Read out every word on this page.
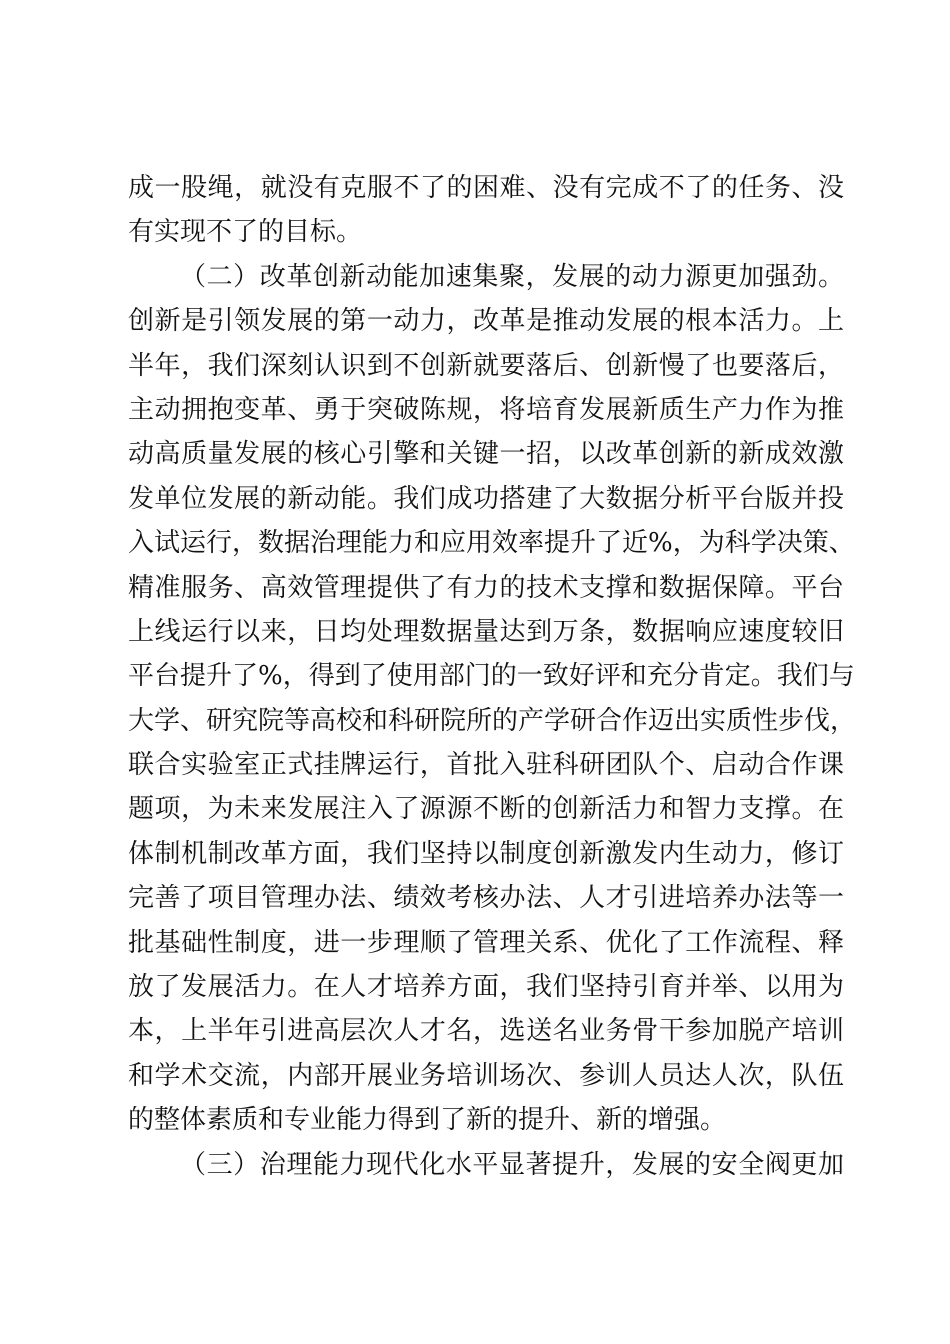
成一股绳，就没有克服不了的困难、没有完成不了的任务、没
有实现不了的目标。
（二）改革创新动能加速集聚，发展的动力源更加强劲。
创新是引领发展的第一动力，改革是推动发展的根本活力。上
半年，我们深刻认识到不创新就要落后、创新慢了也要落后，
主动拥抱变革、勇于突破陈规，将培育发展新质生产力作为推
动高质量发展的核心引擎和关键一招，以改革创新的新成效激
发单位发展的新动能。我们成功搭建了大数据分析平台版并投
入试运行，数据治理能力和应用效率提升了近%，为科学决策、
精准服务、高效管理提供了有力的技术支撑和数据保障。平台
上线运行以来，日均处理数据量达到万条，数据响应速度较旧
平台提升了%，得到了使用部门的一致好评和充分肯定。我们与
大学、研究院等高校和科研院所的产学研合作迈出实质性步伐，
联合实验室正式挂牌运行，首批入驻科研团队个、启动合作课
题项，为未来发展注入了源源不断的创新活力和智力支撑。在
体制机制改革方面，我们坚持以制度创新激发内生动力，修订
完善了项目管理办法、绩效考核办法、人才引进培养办法等一
批基础性制度，进一步理顺了管理关系、优化了工作流程、释
放了发展活力。在人才培养方面，我们坚持引育并举、以用为
本，上半年引进高层次人才名，选送名业务骨干参加脱产培训
和学术交流，内部开展业务培训场次、参训人员达人次，队伍
的整体素质和专业能力得到了新的提升、新的增强。
（三）治理能力现代化水平显著提升，发展的安全阀更加
